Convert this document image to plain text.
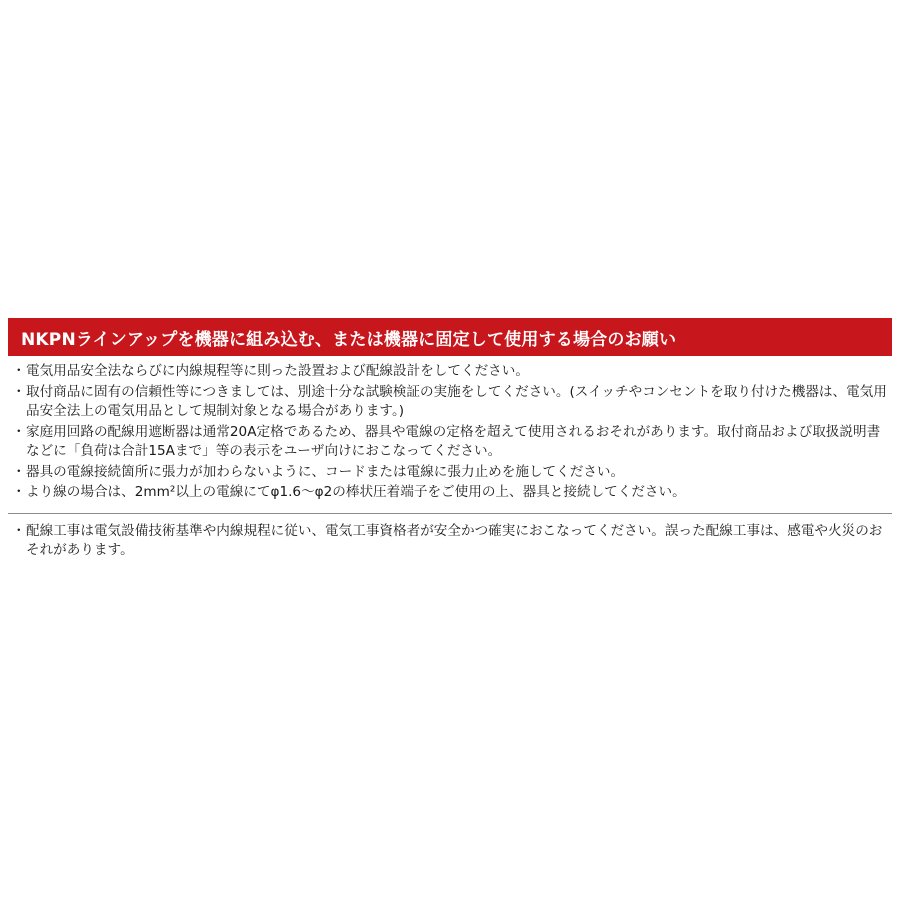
NKPNラインアップを機器に組み込む、または機器に固定して使用する場合のお願い
・ 電気用品安全法ならびに内線規程等に則った設置および配線設計をしてください。
・ 取付商品に固有の信頼性等につきましては、別途十分な試験検証の実施をしてください。(スイッチやコンセントを取り付けた機器は、電気用品安全法上の電気用品として規制対象となる場合があります。)
・ 家庭用回路の配線用遮断器は通常20A定格であるため、器具や電線の定格を超えて使用されるおそれがあります。取付商品および取扱説明書などに「負荷は合計15Aまで」等の表示をユーザ向けにおこなってください。
・ 器具の電線接続箇所に張力が加わらないように、コードまたは電線に張力止めを施してください。
・ より線の場合は、2mm²以上の電線にてφ1.6〜φ2の棒状圧着端子をご使用の上、器具と接続してください。
・ 配線工事は電気設備技術基準や内線規程に従い、電気工事資格者が安全かつ確実におこなってください。誤った配線工事は、感電や火災のおそれがあります。
